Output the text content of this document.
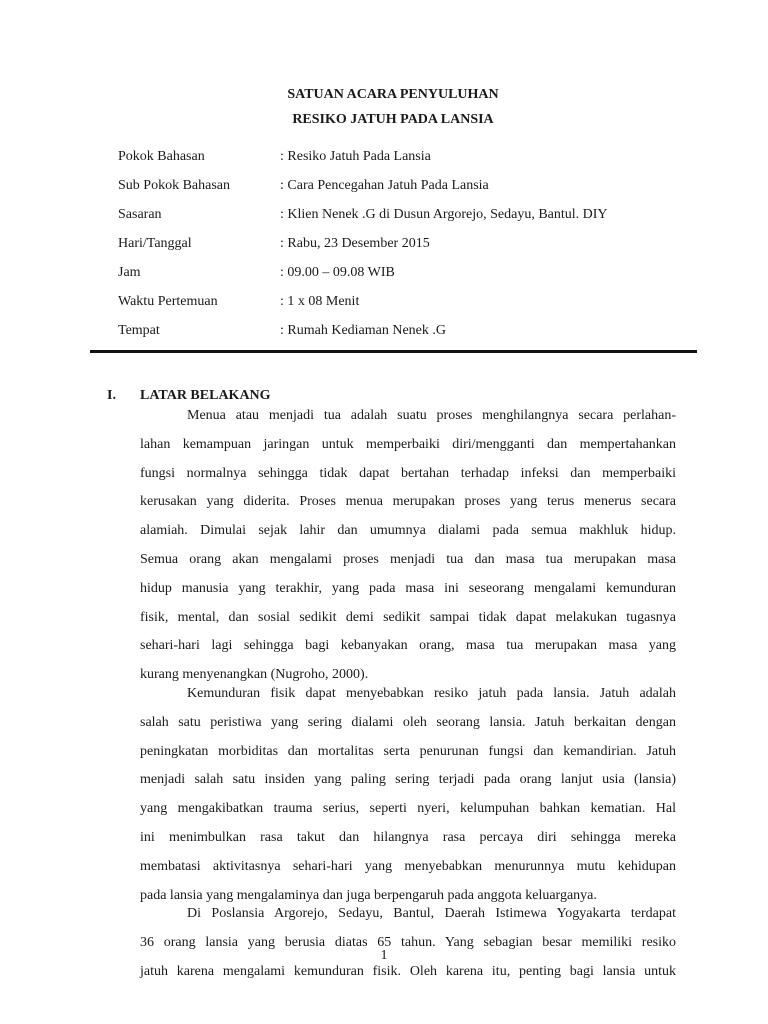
SATUAN ACARA PENYULUHAN
RESIKO JATUH PADA LANSIA
Pokok Bahasan	: Resiko Jatuh Pada Lansia
Sub Pokok Bahasan	: Cara Pencegahan Jatuh Pada Lansia
Sasaran	: Klien Nenek .G di Dusun Argorejo, Sedayu, Bantul. DIY
Hari/Tanggal	: Rabu, 23 Desember 2015
Jam	: 09.00 – 09.08 WIB
Waktu Pertemuan	: 1 x 08 Menit
Tempat	: Rumah Kediaman Nenek .G
I. LATAR BELAKANG
Menua atau menjadi tua adalah suatu proses menghilangnya secara perlahan-
lahan kemampuan jaringan untuk memperbaiki diri/mengganti dan mempertahankan
fungsi normalnya sehingga tidak dapat bertahan terhadap infeksi dan memperbaiki
kerusakan yang diderita. Proses menua merupakan proses yang terus menerus secara
alamiah. Dimulai sejak lahir dan umumnya dialami pada semua makhluk hidup.
Semua orang akan mengalami proses menjadi tua dan masa tua merupakan masa
hidup manusia yang terakhir, yang pada masa ini seseorang mengalami kemunduran
fisik, mental, dan sosial sedikit demi sedikit sampai tidak dapat melakukan tugasnya
sehari-hari lagi sehingga bagi kebanyakan orang, masa tua merupakan masa yang
kurang menyenangkan (Nugroho, 2000).
Kemunduran fisik dapat menyebabkan resiko jatuh pada lansia. Jatuh adalah
salah satu peristiwa yang sering dialami oleh seorang lansia. Jatuh berkaitan dengan
peningkatan morbiditas dan mortalitas serta penurunan fungsi dan kemandirian. Jatuh
menjadi salah satu insiden yang paling sering terjadi pada orang lanjut usia (lansia)
yang mengakibatkan trauma serius, seperti nyeri, kelumpuhan bahkan kematian. Hal
ini menimbulkan rasa takut dan hilangnya rasa percaya diri sehingga mereka
membatasi aktivitasnya sehari-hari yang menyebabkan menurunnya mutu kehidupan
pada lansia yang mengalaminya dan juga berpengaruh pada anggota keluarganya.
Di Poslansia Argorejo, Sedayu, Bantul, Daerah Istimewa Yogyakarta terdapat
36 orang lansia yang berusia diatas 65 tahun. Yang sebagian besar memiliki resiko
jatuh karena mengalami kemunduran fisik. Oleh karena itu, penting bagi lansia untuk
1
